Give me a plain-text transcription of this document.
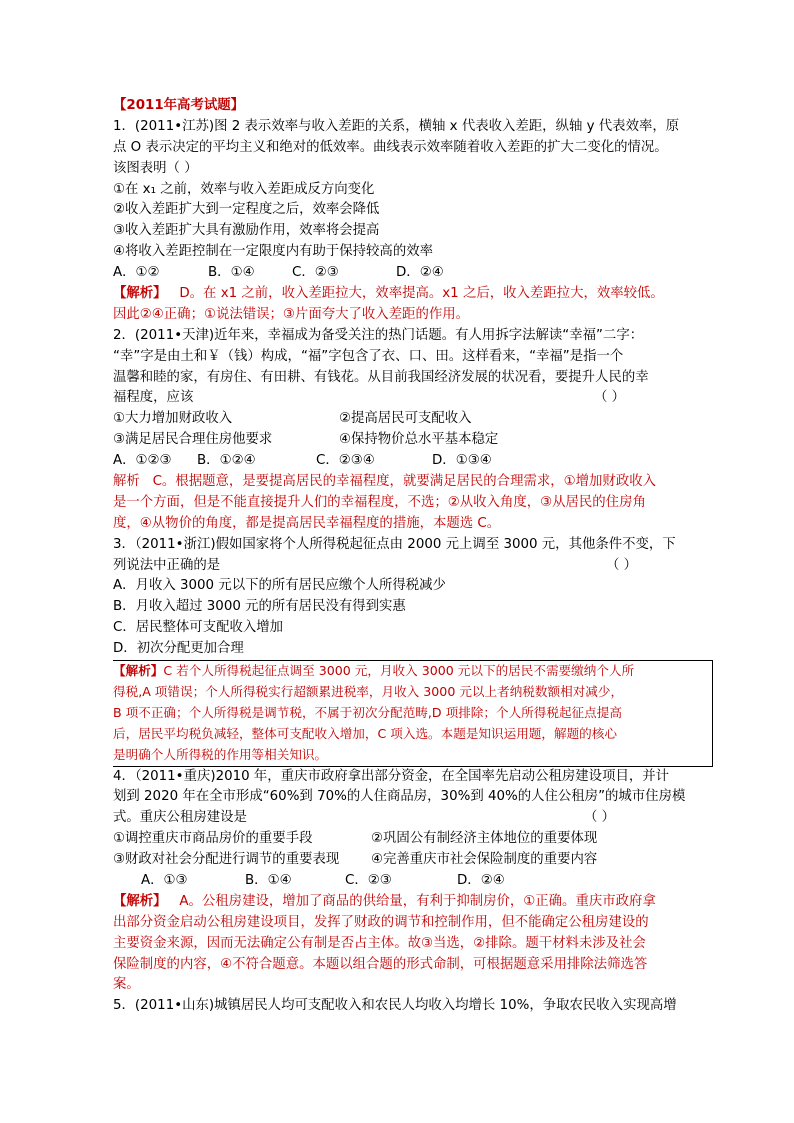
【2011年高考试题】
1．(2011•江苏)图 2 表示效率与收入差距的关系，横轴 x 代表收入差距，纵轴 y 代表效率，原
点 O 表示决定的平均主义和绝对的低效率。曲线表示效率随着收入差距的扩大二变化的情况。
该图表明（ ）
①在 x₁ 之前，效率与收入差距成反方向变化
②收入差距扩大到一定程度之后，效率会降低
③收入差距扩大具有激励作用，效率将会提高
④将收入差距控制在一定限度内有助于保持较高的效率
A．①②	B．①④	C．②③	D．②④
【解析】 D。在 x1 之前，收入差距拉大，效率提高。x1 之后，收入差距拉大，效率较低。
因此②④正确；①说法错误；③片面夸大了收入差距的作用。
2．(2011•天津)近年来，幸福成为备受关注的热门话题。有人用拆字法解读“幸福”二字：
“幸”字是由土和￥（钱）构成，“福”字包含了衣、口、田。这样看来，“幸福”是指一个
温馨和睦的家，有房住、有田耕、有钱花。从目前我国经济发展的状况看，要提升人民的幸
福程度，应该	（ ）
①大力增加财政收入	②提高居民可支配收入
③满足居民合理住房他要求	④保持物价总水平基本稳定
A．①②③	B．①②④	C．②③④	D．①③④
解析 C。根据题意，是要提高居民的幸福程度，就要满足居民的合理需求，①增加财政收入
是一个方面，但是不能直接提升人们的幸福程度，不选；②从收入角度，③从居民的住房角
度，④从物价的角度，都是提高居民幸福程度的措施，本题选 C。
3．（2011•浙江)假如国家将个人所得税起征点由 2000 元上调至 3000 元，其他条件不变，下
列说法中正确的是	（ ）
A．月收入 3000 元以下的所有居民应缴个人所得税减少
B．月收入超过 3000 元的所有居民没有得到实惠
C．居民整体可支配收入增加
D．初次分配更加合理
【解析】C 若个人所得税起征点调至 3000 元，月收入 3000 元以下的居民不需要缴纳个人所
得税,A 项错误；个人所得税实行超额累进税率，月收入 3000 元以上者纳税数额相对减少，
B 项不正确；个人所得税是调节税，不属于初次分配范畴,D 项排除；个人所得税起征点提高
后，居民平均税负减轻，整体可支配收入增加，C 项入选。本题是知识运用题，解题的核心
是明确个人所得税的作用等相关知识。
4．（2011•重庆)2010 年，重庆市政府拿出部分资金，在全国率先启动公租房建设项目，并计
划到 2020 年在全市形成“60%到 70%的人住商品房，30%到 40%的人住公租房”的城市住房模
式。重庆公租房建设是	（ ）
①调控重庆市商品房价的重要手段	②巩固公有制经济主体地位的重要体现
③财政对社会分配进行调节的重要表现	④完善重庆市社会保险制度的重要内容
A．①③	B．①④	C．②③	D．②④
【解析】 A。公租房建设，增加了商品的供给量，有利于抑制房价，①正确。重庆市政府拿
出部分资金启动公租房建设项目，发挥了财政的调节和控制作用，但不能确定公租房建设的
主要资金来源，因而无法确定公有制是否占主体。故③当选，②排除。题干材料未涉及社会
保险制度的内容，④不符合题意。本题以组合题的形式命制，可根据题意采用排除法筛选答
案。
5．(2011•山东)城镇居民人均可支配收入和农民人均收入均增长 10%，争取农民收入实现高增
